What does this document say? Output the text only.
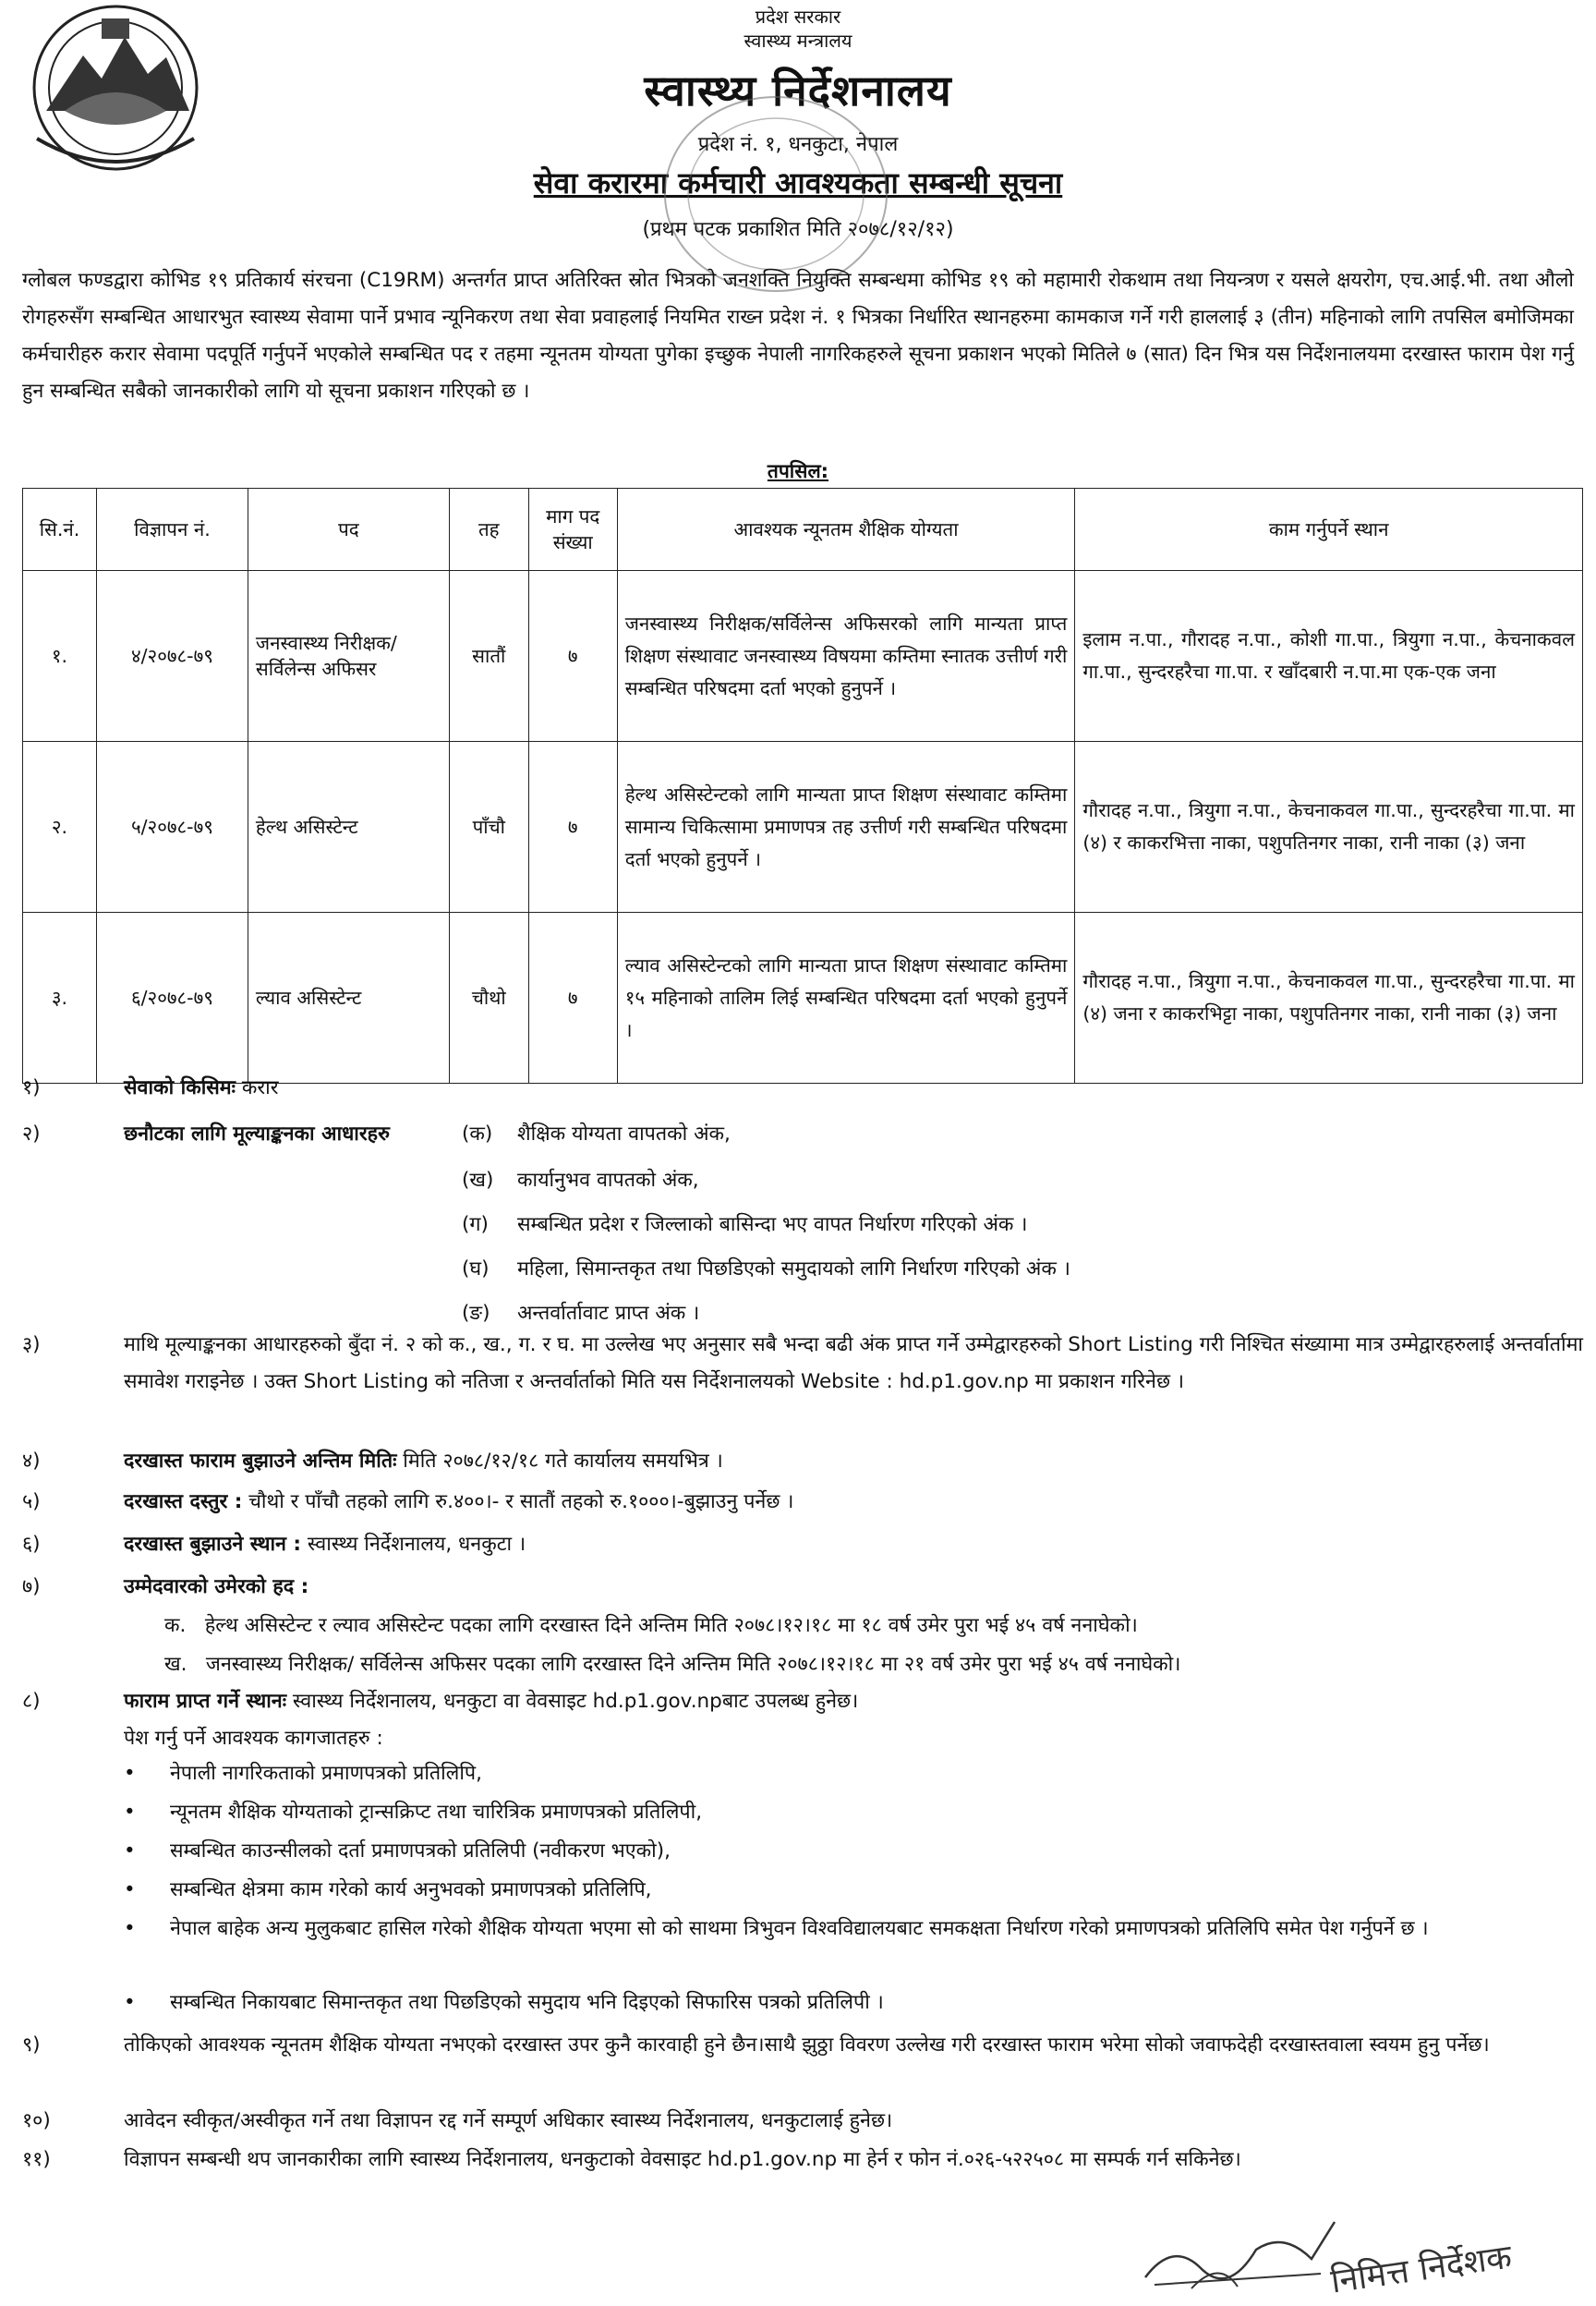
प्रदेश सरकार
स्वास्थ्य मन्त्रालय
स्वास्थ्य निर्देशनालय
प्रदेश नं. १, धनकुटा, नेपाल
सेवा करारमा कर्मचारी आवश्यकता सम्बन्धी सूचना
(प्रथम पटक प्रकाशित मिति २०७८/१२/१२)
ग्लोबल फण्डद्वारा कोभिड १९ प्रतिकार्य संरचना (C19RM) अन्तर्गत प्राप्त अतिरिक्त स्रोत भित्रको जनशक्ति नियुक्ति सम्बन्धमा कोभिड १९ को महामारी रोकथाम तथा नियन्त्रण र यसले क्षयरोग, एच.आई.भी. तथा औलो रोगहरुसँग सम्बन्धित आधारभुत स्वास्थ्य सेवामा पार्ने प्रभाव न्यूनिकरण तथा सेवा प्रवाहलाई नियमित राख्न प्रदेश नं. १ भित्रका निर्धारित स्थानहरुमा कामकाज गर्ने गरी हाललाई ३ (तीन) महिनाको लागि तपसिल बमोजिमका कर्मचारीहरु करार सेवामा पदपूर्ति गर्नुपर्ने भएकोले सम्बन्धित पद र तहमा न्यूनतम योग्यता पुगेका इच्छुक नेपाली नागरिकहरुले सूचना प्रकाशन भएको मितिले ७ (सात) दिन भित्र यस निर्देशनालयमा दरखास्त फाराम पेश गर्नु हुन सम्बन्धित सबैको जानकारीको लागि यो सूचना प्रकाशन गरिएको छ ।
तपसिल:
सि.नं.	विज्ञापन नं.	पद	तह	माग पद संख्या	आवश्यक न्यूनतम शैक्षिक योग्यता	काम गर्नुपर्ने स्थान
१.	४/२०७८-७९	जनस्वास्थ्य निरीक्षक/सर्विलेन्स अफिसर	सातौं	७	जनस्वास्थ्य निरीक्षक/सर्विलेन्स अफिसरको लागि मान्यता प्राप्त शिक्षण संस्थावाट जनस्वास्थ्य विषयमा कम्तिमा स्नातक उत्तीर्ण गरी सम्बन्धित परिषदमा दर्ता भएको हुनुपर्ने ।	इलाम न.पा., गौरादह न.पा., कोशी गा.पा., त्रियुगा न.पा., केचनाकवल गा.पा., सुन्दरहरैचा गा.पा. र खाँदबारी न.पा.मा एक-एक जना
२.	५/२०७८-७९	हेल्थ असिस्टेन्ट	पाँचौ	७	हेल्थ असिस्टेन्टको लागि मान्यता प्राप्त शिक्षण संस्थावाट कम्तिमा सामान्य चिकित्सामा प्रमाणपत्र तह उत्तीर्ण गरी सम्बन्धित परिषदमा दर्ता भएको हुनुपर्ने ।	गौरादह न.पा., त्रियुगा न.पा., केचनाकवल गा.पा., सुन्दरहरैचा गा.पा. मा (४) र काकरभित्ता नाका, पशुपतिनगर नाका, रानी नाका (३) जना
३.	६/२०७८-७९	ल्याव असिस्टेन्ट	चौथो	७	ल्याव असिस्टेन्टको लागि मान्यता प्राप्त शिक्षण संस्थावाट कम्तिमा १५ महिनाको तालिम लिई सम्बन्धित परिषदमा दर्ता भएको हुनुपर्ने ।	गौरादह न.पा., त्रियुगा न.पा., केचनाकवल गा.पा., सुन्दरहरैचा गा.पा. मा (४) जना र काकरभिट्टा नाका, पशुपतिनगर नाका, रानी नाका (३) जना
१)	सेवाको किसिमः करार
२)	छनौटका लागि मूल्याङ्कनका आधारहरु	(क) शैक्षिक योग्यता वापतको अंक,
(ख) कार्यानुभव वापतको अंक,
(ग) सम्बन्धित प्रदेश र जिल्लाको बासिन्दा भए वापत निर्धारण गरिएको अंक ।
(घ) महिला, सिमान्तकृत तथा पिछडिएको समुदायको लागि निर्धारण गरिएको अंक ।
(ङ) अन्तर्वार्तावाट प्राप्त अंक ।
३)	माथि मूल्याङ्कनका आधारहरुको बुँदा नं. २ को क., ख., ग. र घ. मा उल्लेख भए अनुसार सबै भन्दा बढी अंक प्राप्त गर्ने उम्मेद्वारहरुको Short Listing गरी निश्चित संख्यामा मात्र उम्मेद्वारहरुलाई अन्तर्वार्तामा समावेश गराइनेछ । उक्त Short Listing को नतिजा र अन्तर्वार्ताको मिति यस निर्देशनालयको Website : hd.p1.gov.np मा प्रकाशन गरिनेछ ।
४)	दरखास्त फाराम बुझाउने अन्तिम मितिः मिति २०७८/१२/१८ गते कार्यालय समयभित्र ।
५)	दरखास्त दस्तुर : चौथो र पाँचौ तहको लागि रु.४००।- र सातौं तहको रु.१०००।-बुझाउनु पर्नेछ ।
६)	दरखास्त बुझाउने स्थान : स्वास्थ्य निर्देशनालय, धनकुटा ।
७)	उम्मेदवारको उमेरको हद :
क.   हेल्थ असिस्टेन्ट र ल्याव असिस्टेन्ट पदका लागि दरखास्त दिने अन्तिम मिति २०७८।१२।१८ मा १८ वर्ष उमेर पुरा भई ४५ वर्ष ननाघेको।
ख.   जनस्वास्थ्य निरीक्षक/ सर्विलेन्स अफिसर पदका लागि दरखास्त दिने अन्तिम मिति २०७८।१२।१८ मा २१ वर्ष उमेर पुरा भई ४५ वर्ष ननाघेको।
८)	फाराम प्राप्त गर्ने स्थानः स्वास्थ्य निर्देशनालय, धनकुटा वा वेवसाइट hd.p1.gov.npबाट उपलब्ध हुनेछ।
पेश गर्नु पर्ने आवश्यक कागजातहरु :
• नेपाली नागरिकताको प्रमाणपत्रको प्रतिलिपि,
• न्यूनतम शैक्षिक योग्यताको ट्रान्सक्रिप्ट तथा चारित्रिक प्रमाणपत्रको प्रतिलिपी,
• सम्बन्धित काउन्सीलको दर्ता प्रमाणपत्रको प्रतिलिपी (नवीकरण भएको),
• सम्बन्धित क्षेत्रमा काम गरेको कार्य अनुभवको प्रमाणपत्रको प्रतिलिपि,
• नेपाल बाहेक अन्य मुलुकबाट हासिल गरेको शैक्षिक योग्यता भएमा सो को साथमा त्रिभुवन विश्वविद्यालयबाट समकक्षता निर्धारण गरेको प्रमाणपत्रको प्रतिलिपि समेत पेश गर्नुपर्ने छ ।
• सम्बन्धित निकायबाट सिमान्तकृत तथा पिछडिएको समुदाय भनि दिइएको सिफारिस पत्रको प्रतिलिपी ।
९)	तोकिएको आवश्यक न्यूनतम शैक्षिक योग्यता नभएको दरखास्त उपर कुनै कारवाही हुने छैन।साथै झुठ्ठा विवरण उल्लेख गरी दरखास्त फाराम भरेमा सोको जवाफदेही दरखास्तवाला स्वयम हुनु पर्नेछ।
१०)	आवेदन स्वीकृत/अस्वीकृत गर्ने तथा विज्ञापन रद्द गर्ने सम्पूर्ण अधिकार स्वास्थ्य निर्देशनालय, धनकुटालाई हुनेछ।
११)	विज्ञापन सम्बन्धी थप जानकारीका लागि स्वास्थ्य निर्देशनालय, धनकुटाको वेवसाइट hd.p1.gov.np मा हेर्न र फोन नं.०२६-५२२५०८ मा सम्पर्क गर्न सकिनेछ।
निमित्त निर्देशक
